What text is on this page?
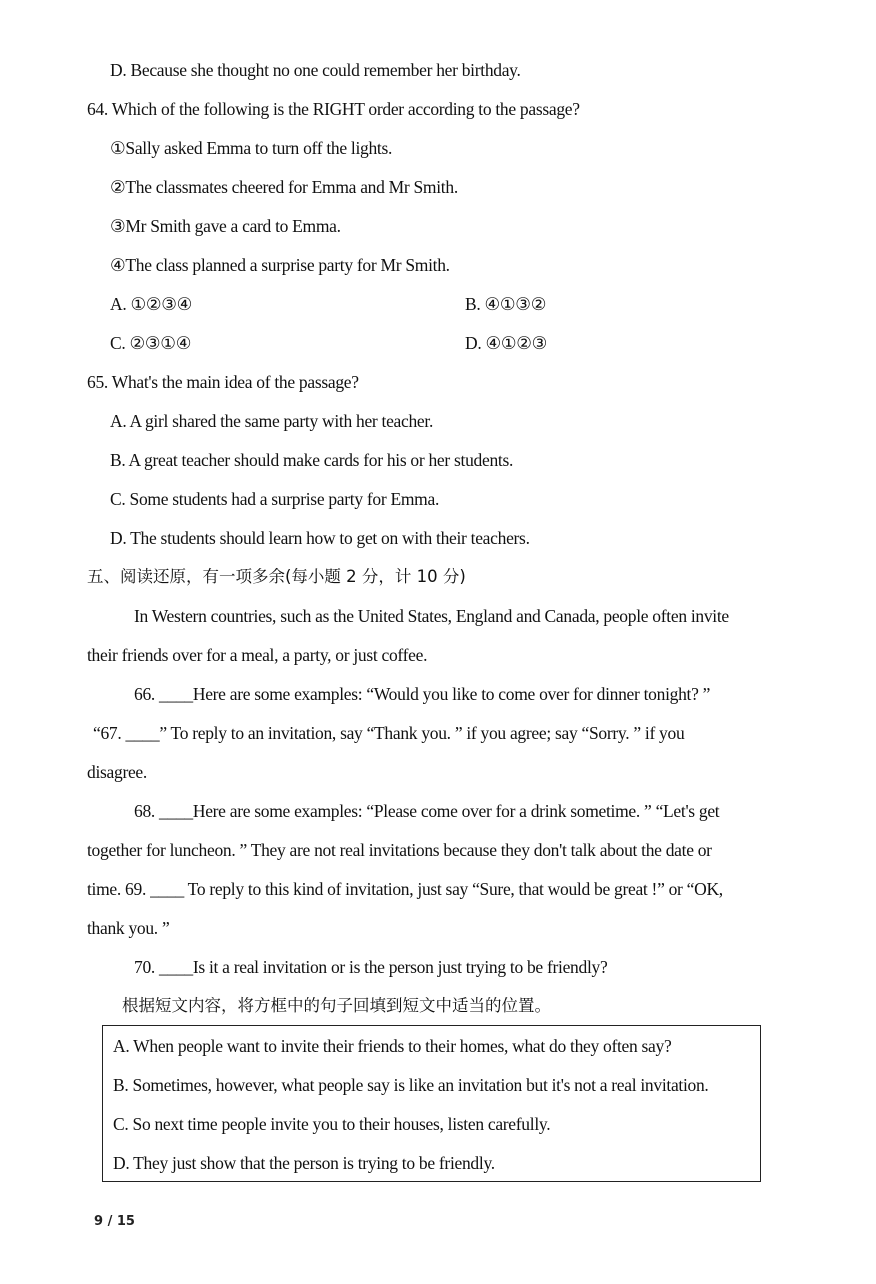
D. Because she thought no one could remember her birthday.
64. Which of the following is the RIGHT order according to the passage?
①Sally asked Emma to turn off the lights.
②The classmates cheered for Emma and Mr Smith.
③Mr Smith gave a card to Emma.
④The class planned a surprise party for Mr Smith.
A. ①②③④	B. ④①③②
C. ②③①④	D. ④①②③
65. What's the main idea of the passage?
A. A girl shared the same party with her teacher.
B. A great teacher should make cards for his or her students.
C. Some students had a surprise party for Emma.
D. The students should learn how to get on with their teachers.
五、阅读还原，有一项多余(每小题 2 分，计 10 分)
In Western countries, such as the United States, England and Canada, people often invite
their friends over for a meal, a party, or just coffee.
66. ____Here are some examples: “Would you like to come over for dinner tonight? ”
“67. ____” To reply to an invitation, say “Thank you. ” if you agree; say “Sorry. ” if you
disagree.
68. ____Here are some examples: “Please come over for a drink sometime. ” “Let's get
together for luncheon. ” They are not real invitations because they don't talk about the date or
time. 69. ____ To reply to this kind of invitation, just say “Sure, that would be great !” or “OK,
thank you. ”
70. ____Is it a real invitation or is the person just trying to be friendly?
根据短文内容，将方框中的句子回填到短文中适当的位置。
A. When people want to invite their friends to their homes, what do they often say?
B. Sometimes, however, what people say is like an invitation but it's not a real invitation.
C. So next time people invite you to their houses, listen carefully.
D. They just show that the person is trying to be friendly.
9 / 15
